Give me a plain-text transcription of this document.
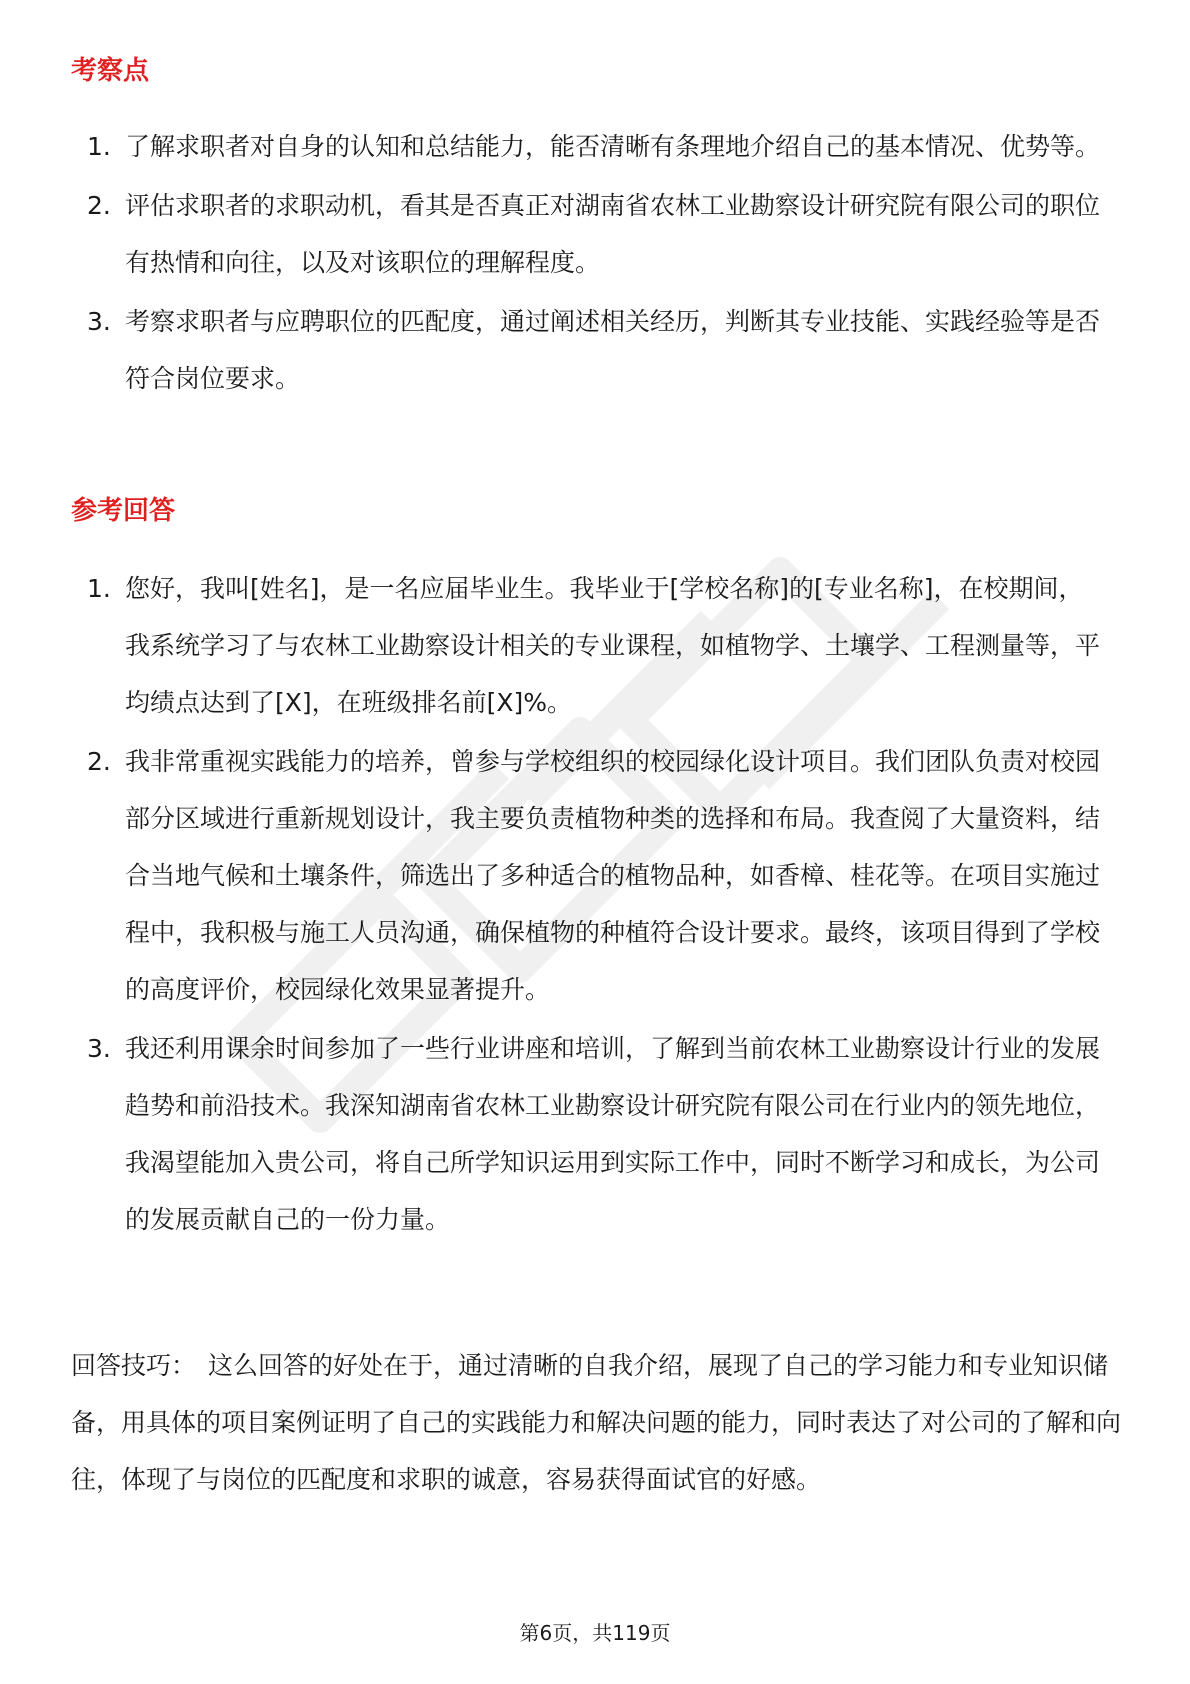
考察点
1. 了解求职者对自身的认知和总结能力，能否清晰有条理地介绍自己的基本情况、优势等。
2. 评估求职者的求职动机，看其是否真正对湖南省农林工业勘察设计研究院有限公司的职位有热情和向往，以及对该职位的理解程度。
3. 考察求职者与应聘职位的匹配度，通过阐述相关经历，判断其专业技能、实践经验等是否符合岗位要求。
参考回答
1. 您好，我叫[姓名]，是一名应届毕业生。我毕业于[学校名称]的[专业名称]，在校期间，我系统学习了与农林工业勘察设计相关的专业课程，如植物学、土壤学、工程测量等，平均绩点达到了[X]，在班级排名前[X]%。
2. 我非常重视实践能力的培养，曾参与学校组织的校园绿化设计项目。我们团队负责对校园部分区域进行重新规划设计，我主要负责植物种类的选择和布局。我查阅了大量资料，结合当地气候和土壤条件，筛选出了多种适合的植物品种，如香樟、桂花等。在项目实施过程中，我积极与施工人员沟通，确保植物的种植符合设计要求。最终，该项目得到了学校的高度评价，校园绿化效果显著提升。
3. 我还利用课余时间参加了一些行业讲座和培训，了解到当前农林工业勘察设计行业的发展趋势和前沿技术。我深知湖南省农林工业勘察设计研究院有限公司在行业内的领先地位，我渴望能加入贵公司，将自己所学知识运用到实际工作中，同时不断学习和成长，为公司的发展贡献自己的一份力量。

回答技巧： 这么回答的好处在于，通过清晰的自我介绍，展现了自己的学习能力和专业知识储备，用具体的项目案例证明了自己的实践能力和解决问题的能力，同时表达了对公司的了解和向往，体现了与岗位的匹配度和求职的诚意，容易获得面试官的好感。

第6页，共119页
